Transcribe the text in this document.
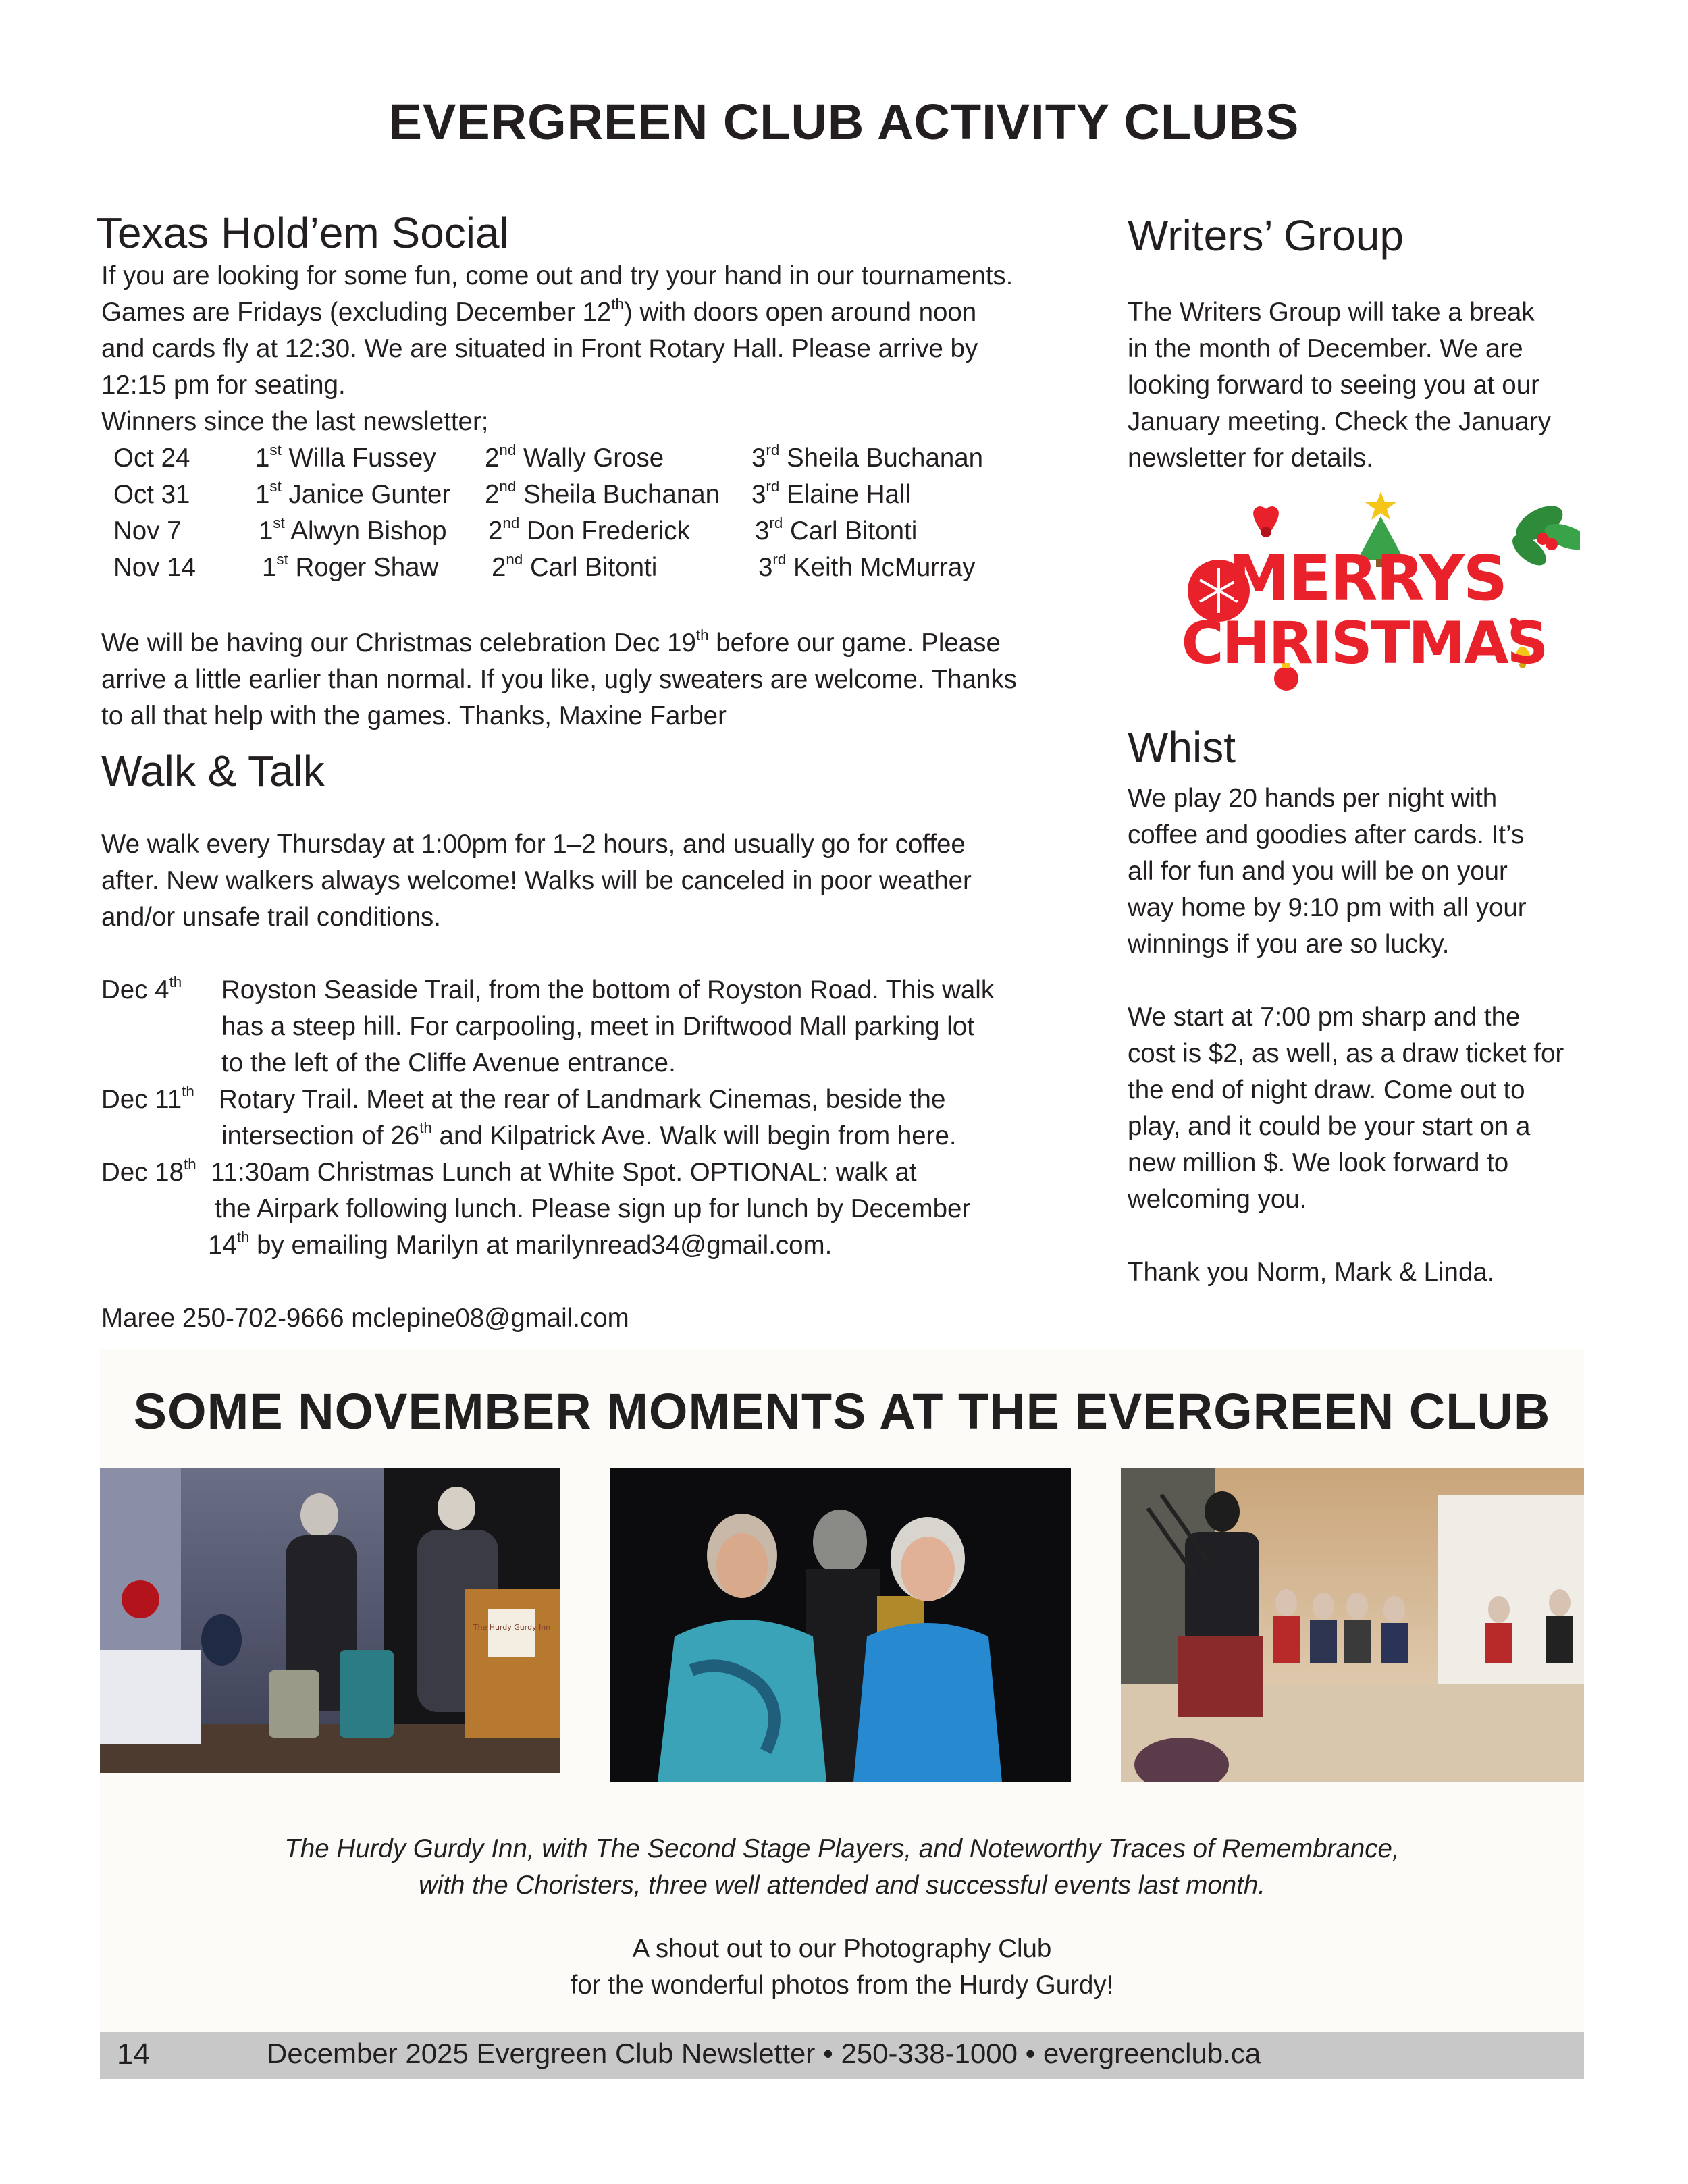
EVERGREEN CLUB ACTIVITY CLUBS
Texas Hold’em Social

If you are looking for some fun, come out and try your hand in our tournaments.

Games are Fridays (excluding December 12th) with doors open around noon

and cards fly at 12:30. We are situated in Front Rotary Hall. Please arrive by

12:15 pm for seating.

Winners since the last newsletter;

Oct 24	1st Willa Fussey 2nd Wally Grose	3rd Sheila Buchanan
Oct 31	1st Janice Gunter 2nd Sheila Buchanan 3rd Elaine Hall
Nov 7	1st Alwyn Bishop 2nd Don Frederick	3rd Carl Bitonti
Nov 14	1st Roger Shaw 2nd Carl Bitonti	3rd Keith McMurray

We will be having our Christmas celebration Dec 19th before our game. Please

arrive a little earlier than normal. If you like, ugly sweaters are welcome. Thanks

to all that help with the games. Thanks, Maxine Farber

Walk & Talk

We walk every Thursday at 1:00pm for 1–2 hours, and usually go for coffee

after. New walkers always welcome! Walks will be canceled in poor weather

and/or unsafe trail conditions.

Dec 4th Royston Seaside Trail, from the bottom of Royston Road. This walk
has a steep hill. For carpooling, meet in Driftwood Mall parking lot
to the left of the Cliffe Avenue entrance.
Dec 11th Rotary Trail. Meet at the rear of Landmark Cinemas, beside the
intersection of 26th and Kilpatrick Ave. Walk will begin from here.
Dec 18th 11:30am Christmas Lunch at White Spot. OPTIONAL: walk at
the Airpark following lunch. Please sign up for lunch by December
14th by emailing Marilyn at marilynread34@gmail.com.
Maree 250-702-9666 mclepine08@gmail.com
Writers’ Group

The Writers Group will take a break

in the month of December. We are

looking forward to seeing you at our

January meeting. Check the January

newsletter for details.

MERRYS
CHRISTMAS
Whist

We play 20 hands per night with

coffee and goodies after cards. It’s

all for fun and you will be on your

way home by 9:10 pm with all your

winnings if you are so lucky.

We start at 7:00 pm sharp and the

cost is $2, as well, as a draw ticket for

the end of night draw. Come out to

play, and it could be your start on a

new million $. We look forward to

welcoming you.

Thank you Norm, Mark & Linda.
SOME NOVEMBER MOMENTS AT THE EVERGREEN CLUB
The Hurdy Gurdy Inn

The Hurdy Gurdy Inn, with The Second Stage Players, and Noteworthy Traces of Remembrance,

with the Choristers, three well attended and successful events last month.

A shout out to our Photography Club

for the wonderful photos from the Hurdy Gurdy!

14	December 2025 Evergreen Club Newsletter • 250-338-1000 • evergreenclub.ca
